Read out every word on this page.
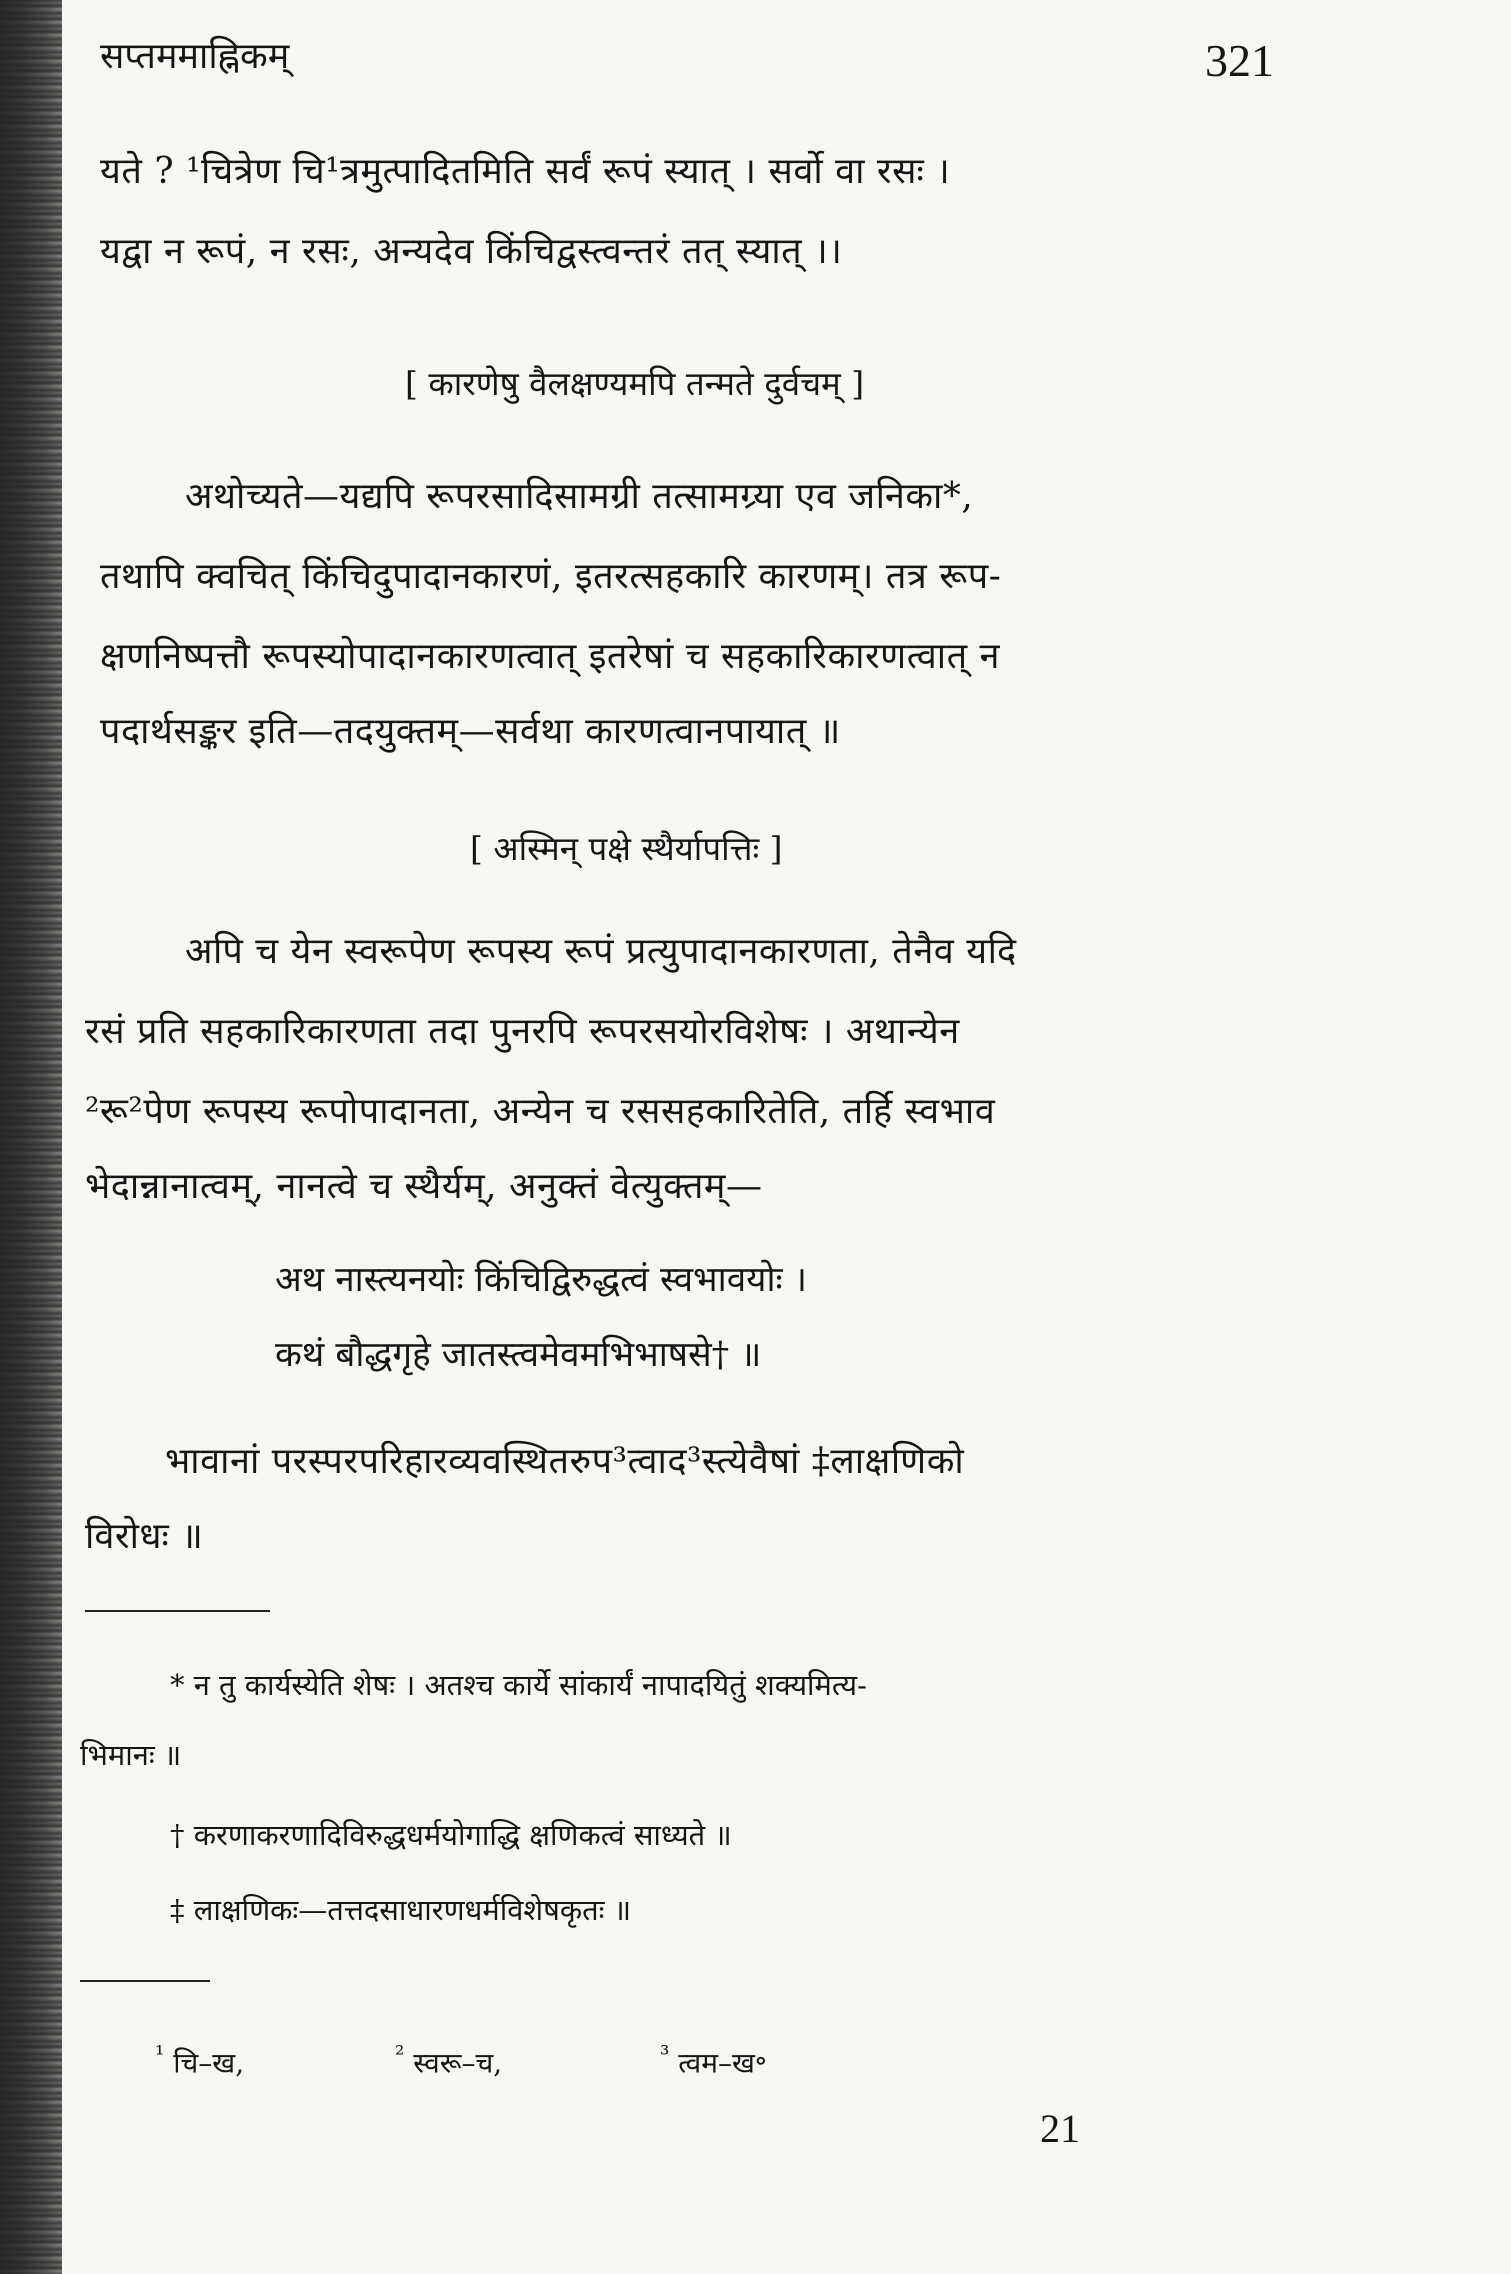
सप्तममाह्निकम्	321

यते ? ¹चित्रेण चि¹त्रमुत्पादितमिति सर्वं रूपं स्यात् । सर्वो वा रसः ।

यद्वा न रूपं, न रसः, अन्यदेव किंचिद्वस्त्वन्तरं तत् स्यात् ।।

[ कारणेषु वैलक्षण्यमपि तन्मते दुर्वचम् ]

अथोच्यते—यद्यपि रूपरसादिसामग्री तत्सामग्र्या एव जनिका*,

तथापि क्वचित् किंचिदुपादानकारणं, इतरत्सहकारि कारणम्। तत्र रूप-

क्षणनिष्पत्तौ रूपस्योपादानकारणत्वात् इतरेषां च सहकारिकारणत्वात् न

पदार्थसङ्कर इति—तदयुक्तम्—सर्वथा कारणत्वानपायात् ॥

[ अस्मिन् पक्षे स्थैर्यापत्तिः ]

अपि च येन स्वरूपेण रूपस्य रूपं प्रत्युपादानकारणता, तेनैव यदि

रसं प्रति सहकारिकारणता तदा पुनरपि रूपरसयोरविशेषः । अथान्येन

²रू²पेण रूपस्य रूपोपादानता, अन्येन च रससहकारितेति, तर्हि स्वभाव

भेदान्नानात्वम्, नानत्वे च स्थैर्यम्, अनुक्तं वेत्युक्तम्—

अथ नास्त्यनयोः किंचिद्विरुद्धत्वं स्वभावयोः ।

कथं बौद्धगृहे जातस्त्वमेवमभिभाषसे† ॥

भावानां परस्परपरिहारव्यवस्थितरुप³त्वाद³स्त्येवैषां ‡लाक्षणिको

विरोधः ॥

* न तु कार्यस्येति शेषः । अतश्च कार्ये सांकार्यं नापादयितुं शक्यमित्य-

भिमानः ॥

† करणाकरणादिविरुद्धधर्मयोगाद्धि क्षणिकत्वं साध्यते ॥

‡ लाक्षणिकः—तत्तदसाधारणधर्मविशेषकृतः ॥

$^{^1}$ चि–ख,	$^{^2}$ स्वरू–च,	$^{^3}$ त्वम–ख॰

21
